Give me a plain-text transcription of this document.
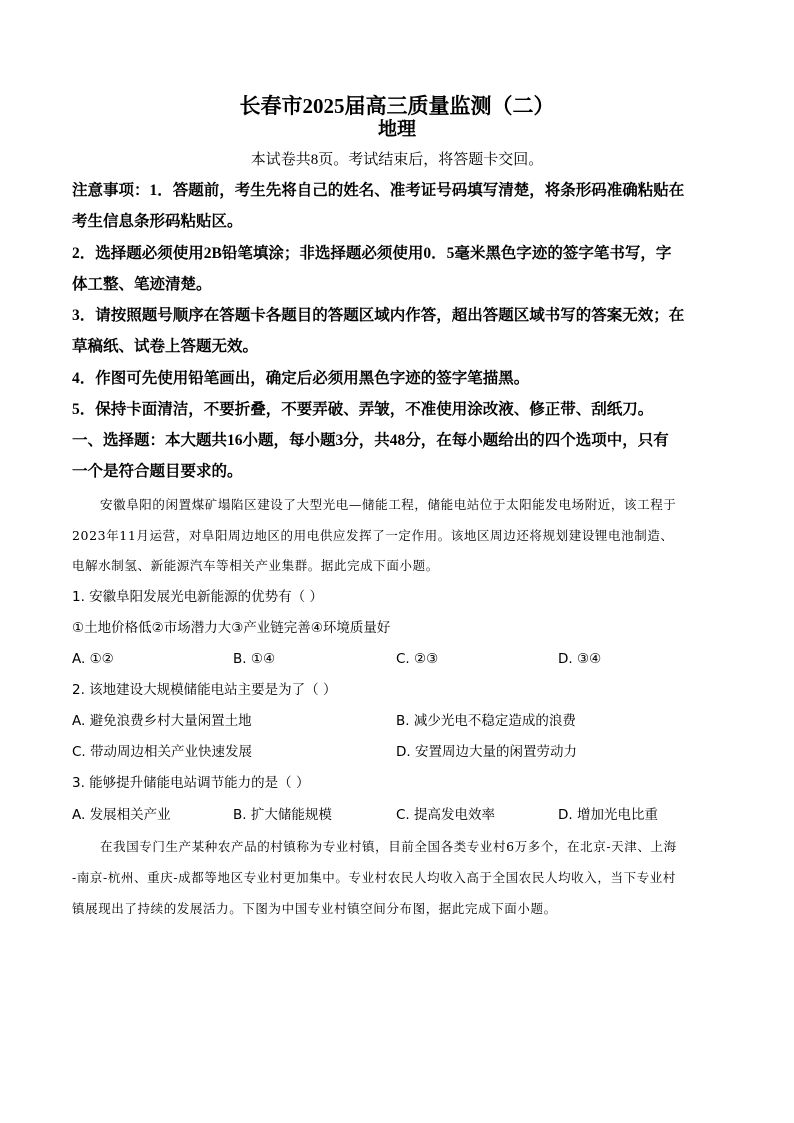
长春市2025届高三质量监测（二）
地理
本试卷共8页。考试结束后，将答题卡交回。
注意事项：1．答题前，考生先将自己的姓名、准考证号码填写清楚，将条形码准确粘贴在
考生信息条形码粘贴区。
2．选择题必须使用2B铅笔填涂；非选择题必须使用0．5毫米黑色字迹的签字笔书写，字
体工整、笔迹清楚。
3．请按照题号顺序在答题卡各题目的答题区域内作答，超出答题区域书写的答案无效；在
草稿纸、试卷上答题无效。
4．作图可先使用铅笔画出，确定后必须用黑色字迹的签字笔描黑。
5．保持卡面清洁，不要折叠，不要弄破、弄皱，不准使用涂改液、修正带、刮纸刀。
一、选择题：本大题共16小题，每小题3分，共48分，在每小题给出的四个选项中，只有
一个是符合题目要求的。
安徽阜阳的闲置煤矿塌陷区建设了大型光电—储能工程，储能电站位于太阳能发电场附近，该工程于
2023年11月运营，对阜阳周边地区的用电供应发挥了一定作用。该地区周边还将规划建设锂电池制造、
电解水制氢、新能源汽车等相关产业集群。据此完成下面小题。
1. 安徽阜阳发展光电新能源的优势有（ ）
①土地价格低②市场潜力大③产业链完善④环境质量好
A. ①②	B. ①④	C. ②③	D. ③④
2. 该地建设大规模储能电站主要是为了（ ）
A. 避免浪费乡村大量闲置土地	B. 减少光电不稳定造成的浪费
C. 带动周边相关产业快速发展	D. 安置周边大量的闲置劳动力
3. 能够提升储能电站调节能力的是（ ）
A. 发展相关产业	B. 扩大储能规模	C. 提高发电效率	D. 增加光电比重
在我国专门生产某种农产品的村镇称为专业村镇，目前全国各类专业村6万多个，在北京-天津、上海
-南京-杭州、重庆-成都等地区专业村更加集中。专业村农民人均收入高于全国农民人均收入，当下专业村
镇展现出了持续的发展活力。下图为中国专业村镇空间分布图，据此完成下面小题。
